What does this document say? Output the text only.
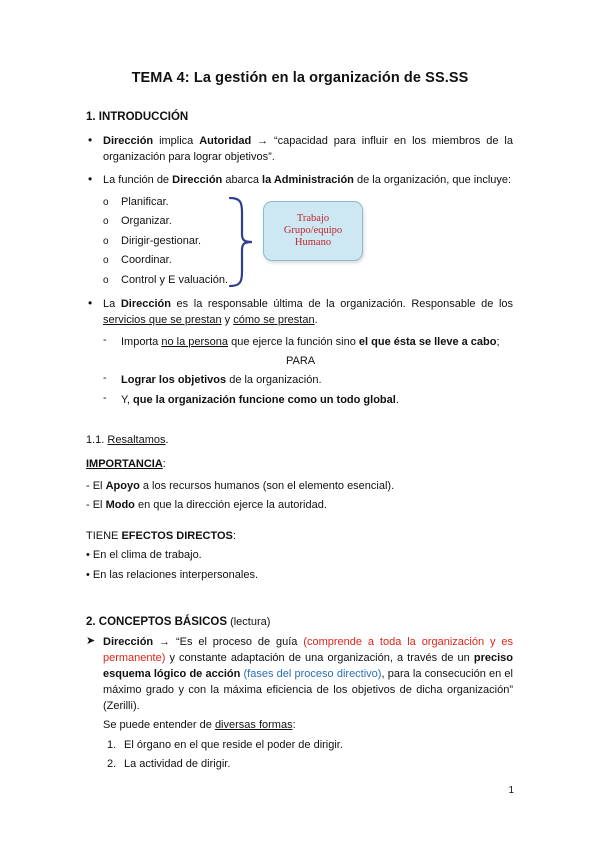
TEMA 4: La gestión en la organización de SS.SS
1. INTRODUCCIÓN
• Dirección implica Autoridad → “capacidad para influir en los miembros de la organización para lograr objetivos”.
• La función de Dirección abarca la Administración de la organización, que incluye:
o Planificar.
o Organizar.
o Dirigir-gestionar.
o Coordinar.
o Control y E valuación.
Trabajo
Grupo/equipo
Humano
• La Dirección es la responsable última de la organización. Responsable de los servicios que se prestan y cómo se prestan.
- Importa no la persona que ejerce la función sino el que ésta se lleve a cabo;
PARA
- Lograr los objetivos de la organización.
- Y, que la organización funcione como un todo global.
1.1. Resaltamos.
IMPORTANCIA:
- El Apoyo a los recursos humanos (son el elemento esencial).
- El Modo en que la dirección ejerce la autoridad.
TIENE EFECTOS DIRECTOS:
• En el clima de trabajo.
• En las relaciones interpersonales.
2. CONCEPTOS BÁSICOS (lectura)
➤ Dirección → “Es el proceso de guía (comprende a toda la organización y es permanente) y constante adaptación de una organización, a través de un preciso esquema lógico de acción (fases del proceso directivo), para la consecución en el máximo grado y con la máxima eficiencia de los objetivos de dicha organización” (Zerilli).
Se puede entender de diversas formas:
1. El órgano en el que reside el poder de dirigir.
2. La actividad de dirigir.
1
